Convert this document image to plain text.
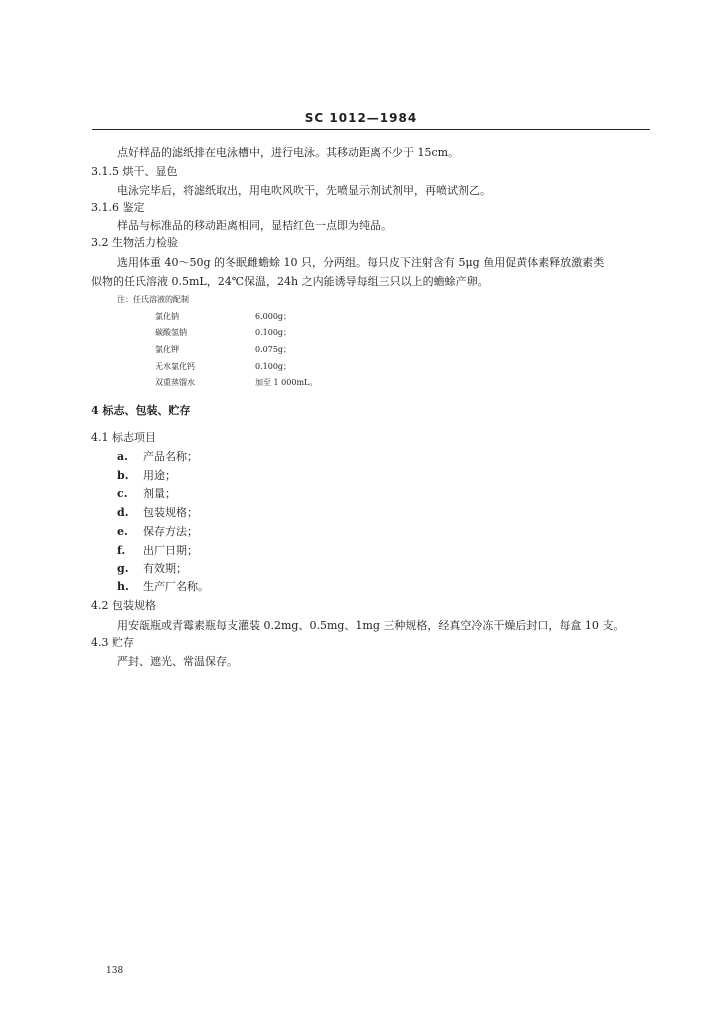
SC 1012—1984
点好样品的滤纸排在电泳槽中，进行电泳。其移动距离不少于 15cm。
3.1.5 烘干、显色
电泳完毕后，将滤纸取出，用电吹风吹干，先喷显示剂试剂甲，再喷试剂乙。
3.1.6 鉴定
样品与标准品的移动距离相同，显桔红色一点即为纯品。
3.2 生物活力检验
选用体重 40～50g 的冬眠雌蟾蜍 10 只，分两组。每只皮下注射含有 5μg 鱼用促黄体素释放激素类
似物的任氏溶液 0.5mL，24℃保温，24h 之内能诱导每组三只以上的蟾蜍产卵。
注：任氏溶液的配制
氯化钠	6.000g；
碳酸氢钠	0.100g；
氯化钾	0.075g；
无水氯化钙	0.100g；
双重蒸馏水	加至 1 000mL。
4 标志、包装、贮存
4.1 标志项目
a. 产品名称；
b. 用途；
c. 剂量；
d. 包装规格；
e. 保存方法；
f. 出厂日期；
g. 有效期；
h. 生产厂名称。
4.2 包装规格
用安瓿瓶或青霉素瓶每支灌装 0.2mg、0.5mg、1mg 三种规格，经真空冷冻干燥后封口，每盒 10 支。
4.3 贮存
严封、遮光、常温保存。
138
